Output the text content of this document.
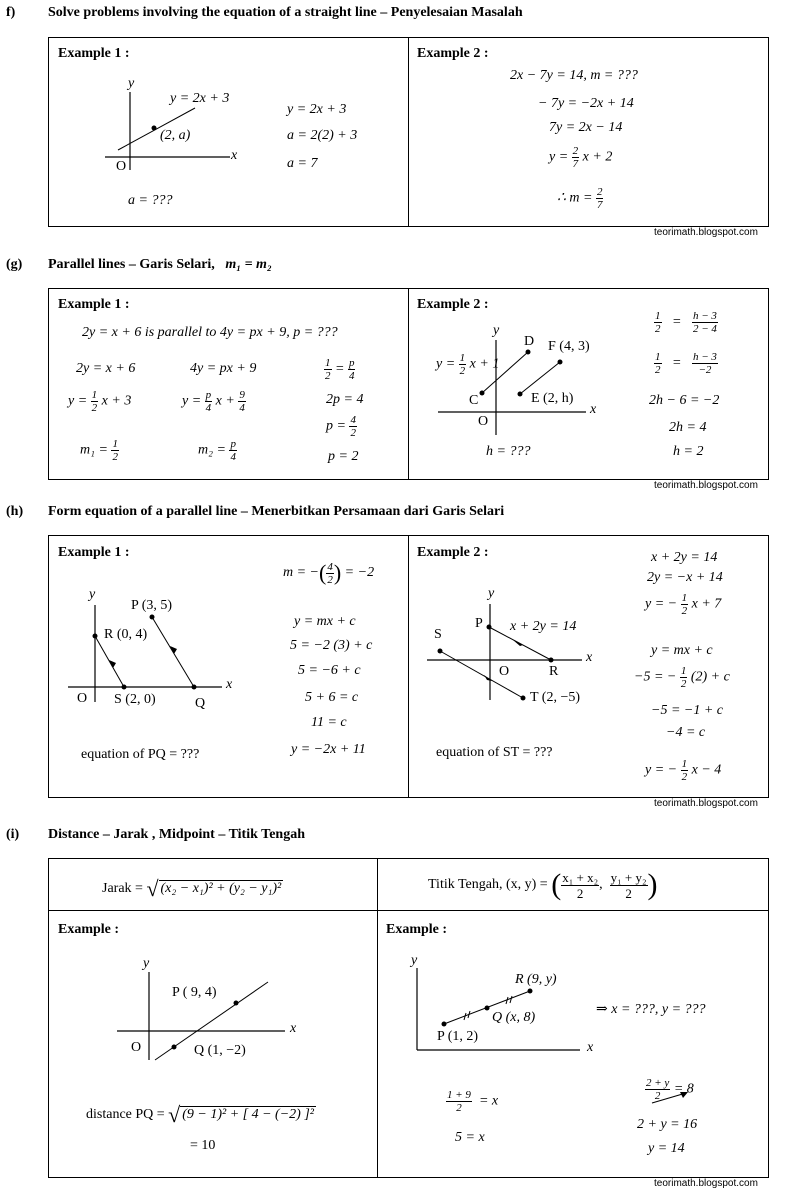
f) Solve problems involving the equation of a straight line – Penyelesaian Masalah
Example 1 :
y
x
O
y = 2x + 3
(2, a)
a = ???
y = 2x + 3
a = 2(2) + 3
a = 7
Example 2 :
2x − 7y = 14, m = ???
− 7y = −2x + 14
7y = 2x − 14
$y = \frac{2}{7}$ x + 2
∴ $m = \frac{2}{7}$
teorimath.blogspot.com
(g) Parallel lines – Garis Selari, m₁ = m₂
Example 1 :
2y = x + 6 is parallel to 4y = px + 9, p = ???
2y = x + 6
$y = \frac{1}{2}$ x + 3
$m_1 = \frac{1}{2}$
4y = px + 9
$y = \frac{p}{4}$ $x + \frac{9}{4}$
$m_2 = \frac{p}{4}$
$\frac{1}{2} = \frac{p}{4}$
2p = 4
$p = \frac{4}{2}$
p = 2
Example 2 :
y
x
O
$y = \frac{1}{2}$ x + 1
D
C
F (4, 3)
E (2, h)
h = ???
$\frac{1}{2} = \frac{h - 3}{2 - 4}$
$\frac{1}{2} = \frac{h - 3}{-2}$
2h − 6 = −2
2h = 4
h = 2
teorimath.blogspot.com
(h) Form equation of a parallel line – Menerbitkan Persamaan dari Garis Selari
Example 1 :
y
x
O
P (3, 5)
R (0, 4)
S (2, 0)	Q
equation of PQ = ???
m = −( $\frac{4}{2}$ ) = −2
y = mx + c
5 = −2 (3) + c
5 = −6 + c
5 + 6 = c
11 = c
y = −2x + 11
Example 2 :
y
x
O
P x + 2y = 14
S
R
T (2, −5)
equation of ST = ???
x + 2y = 14
2y = −x + 14
y = − $\frac{1}{2}$ x + 7
y = mx + c
−5 = − $\frac{1}{2} (2) + c$
−5 = −1 + c
−4 = c
y = − $\frac{1}{2}$ x − 4
teorimath.blogspot.com
(i) Distance – Jarak , Midpoint – Titik Tengah
Jarak = √ (x₂ − x₁)² + (y₂ − y₁)²	Titik Tengah, (x, y) = ( $\frac{\text{x₁ + x₂}}{2}$ , $\frac{\text{y₁ + y₂}}{2}$ )
Example :
y
x
O
P ( 9, 4)
Q (1, −2)
distance PQ = √ (9 − 1)² + [ 4 − (−2) ]²
= 10
Example :
y
x
P (1, 2)
Q (x, 8)
R (9, y)
⇒ x = ???, y = ???
$\frac{1 + 9}{2} = x$
5 = x
$\frac{2 + y}{2} = 8$
2 + y = 16
y = 14
teorimath.blogspot.com
